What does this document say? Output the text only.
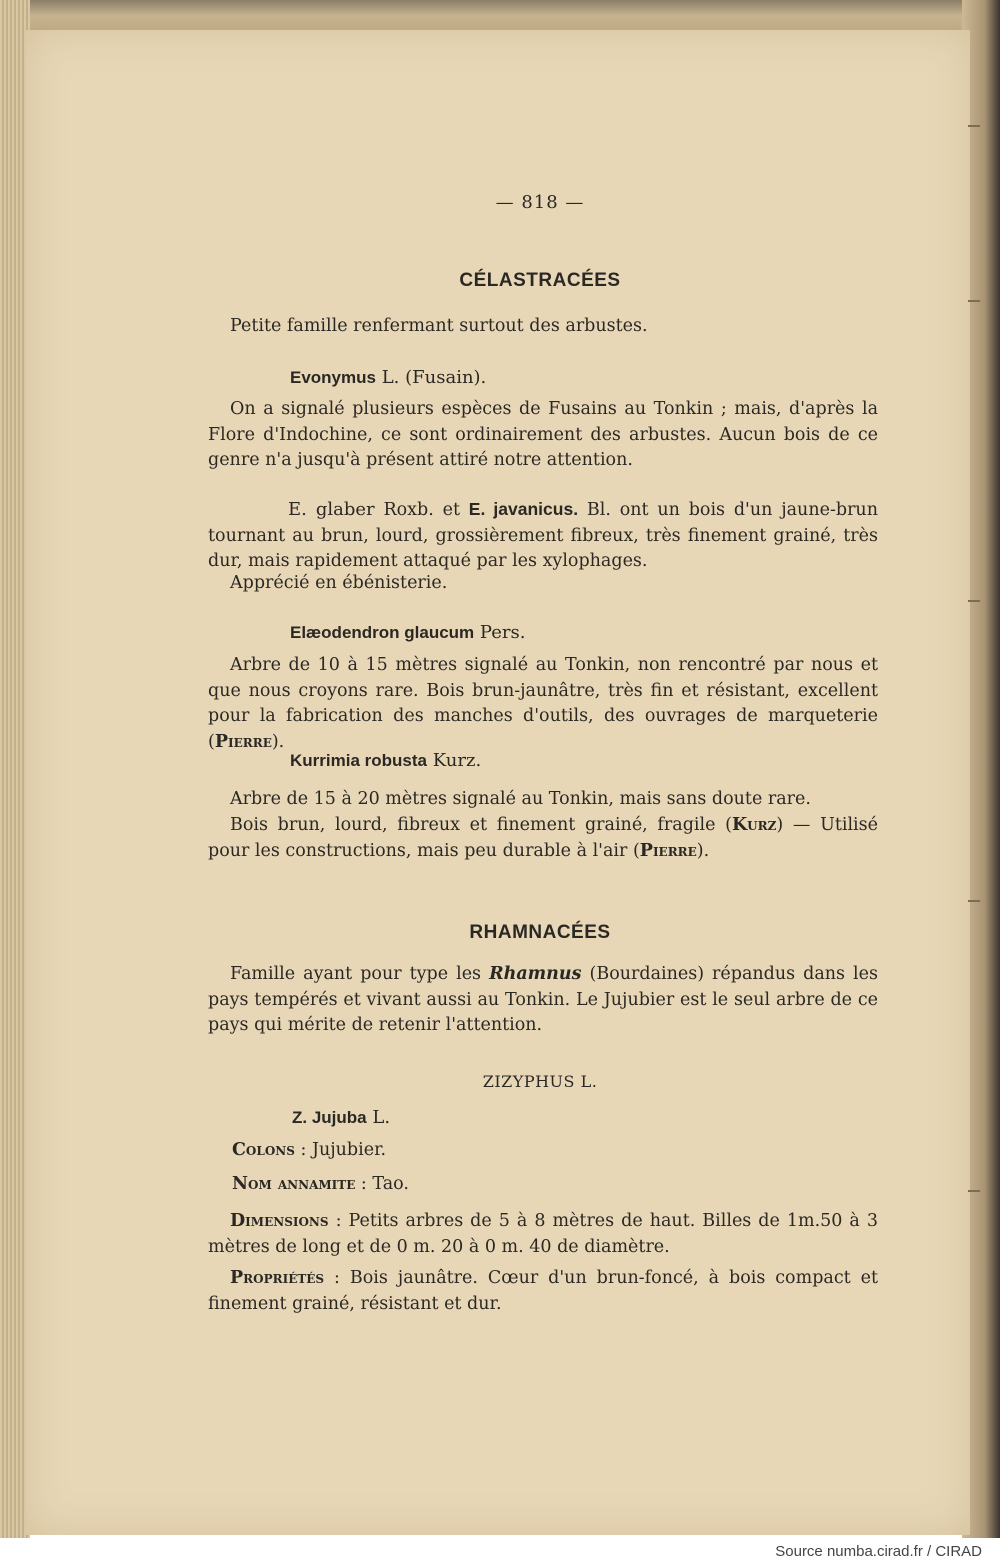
— 818 —
CÉLASTRACÉES
Petite famille renfermant surtout des arbustes.
Evonymus L. (Fusain).
On a signalé plusieurs espèces de Fusains au Tonkin ; mais, d'après la Flore d'Indochine, ce sont ordinairement des arbustes. Aucun bois de ce genre n'a jusqu'à présent attiré notre attention.
E. glaber Roxb. et E. javanicus. Bl. ont un bois d'un jaune-brun tournant au brun, lourd, grossièrement fibreux, très finement grainé, très dur, mais rapidement attaqué par les xylophages.
Apprécié en ébénisterie.
Elæodendron glaucum Pers.
Arbre de 10 à 15 mètres signalé au Tonkin, non rencontré par nous et que nous croyons rare. Bois brun-jaunâtre, très fin et résistant, excellent pour la fabrication des manches d'outils, des ouvrages de marqueterie (Pierre).
Kurrimia robusta Kurz.
Arbre de 15 à 20 mètres signalé au Tonkin, mais sans doute rare.
Bois brun, lourd, fibreux et finement grainé, fragile (Kurz) — Utilisé pour les constructions, mais peu durable à l'air (Pierre).
RHAMNACÉES
Famille ayant pour type les Rhamnus (Bourdaines) répandus dans les pays tempérés et vivant aussi au Tonkin. Le Jujubier est le seul arbre de ce pays qui mérite de retenir l'attention.
ZIZYPHUS L.
Z. Jujuba L.
Colons : Jujubier.
Nom annamite : Tao.
Dimensions : Petits arbres de 5 à 8 mètres de haut. Billes de 1m.50 à 3 mètres de long et de 0 m. 20 à 0 m. 40 de diamètre.
Propriétés : Bois jaunâtre. Cœur d'un brun-foncé, à bois compact et finement grainé, résistant et dur.
Source numba.cirad.fr / CIRAD
